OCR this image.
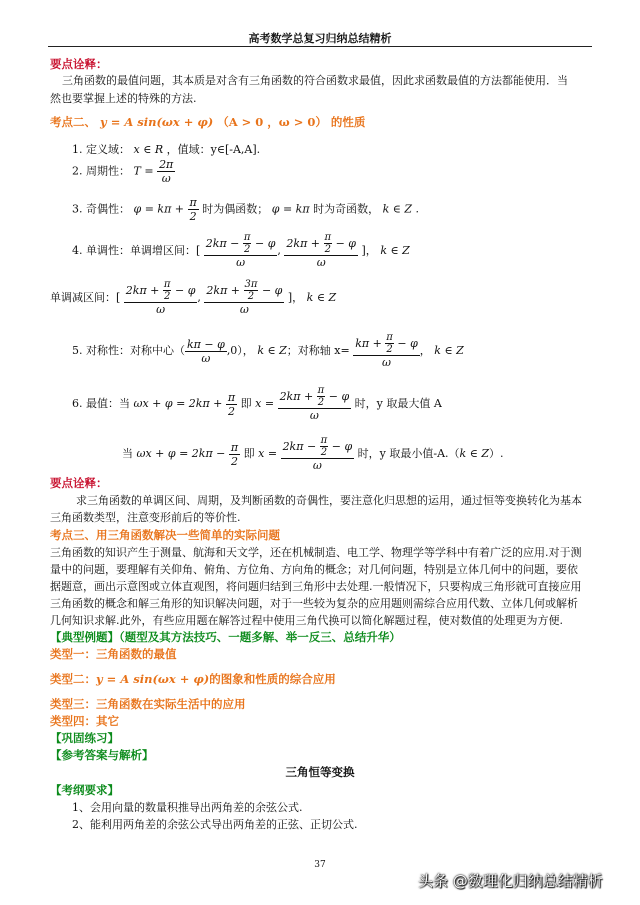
高考数学总复习归纳总结精析
要点诠释：
三角函数的最值问题，其本质是对含有三角函数的符合函数求最值，因此求函数最值的方法都能使用．当
然也要掌握上述的特殊的方法.
考点二、 y = A sin(ωx + φ) （A > 0 ，ω > 0） 的性质
1. 定义域： x ∈ R ，值域：y∈[-A,A].
2. 周期性： $T = \frac{2\pi}{\omega}$
3. 奇偶性： $\varphi = k\pi + \frac{\pi}{2}$ 时为偶函数； φ = kπ 时为奇函数， k ∈ Z .
4. 单调性：单调增区间：[ $\frac{2k\pi - \frac{\pi}{2} - \varphi}{\omega}$ , $\frac{2k\pi + \frac{\pi}{2} - \varphi}{\omega}$ ]， k ∈ Z
单调减区间：[ $\frac{2k\pi + \frac{\pi}{2} - \varphi}{\omega}$ , $\frac{2k\pi + \frac{3\pi}{2} - \varphi}{\omega}$ ]， k ∈ Z
5. 对称性：对称中心（ $\frac{k\pi - \varphi}{\omega} ,0$）， k ∈ Z；对称轴 $x= \frac{k\pi + \frac{\pi}{2} - \varphi}{\omega}$ ， k ∈ Z
6. 最值：当 $\omega x + \varphi = 2k\pi + \frac{\pi}{2}$ 即 $x = \frac{2k\pi + \frac{\pi}{2} - \varphi}{\omega}$ 时，y 取最大值 A
当 $\omega x + \varphi = 2k\pi - \frac{\pi}{2}$ 即 $x = \frac{2k\pi - \frac{\pi}{2} - \varphi}{\omega}$ 时，y 取最小值-A.（k ∈ Z）.
要点诠释：
求三角函数的单调区间、周期，及判断函数的奇偶性，要注意化归思想的运用，通过恒等变换转化为基本
三角函数类型，注意变形前后的等价性.
考点三、用三角函数解决一些简单的实际问题
三角函数的知识产生于测量、航海和天文学，还在机械制造、电工学、物理学等学科中有着广泛的应用.对于测
量中的问题，要理解有关仰角、俯角、方位角、方向角的概念；对几何问题，特别是立体几何中的问题，要依
据题意，画出示意图或立体直观图，将问题归结到三角形中去处理.一般情况下，只要构成三角形就可直接应用
三角函数的概念和解三角形的知识解决问题，对于一些较为复杂的应用题则需综合应用代数、立体几何或解析
几何知识求解.此外，有些应用题在解答过程中使用三角代换可以简化解题过程，使对数值的处理更为方便.
【典型例题】（题型及其方法技巧、一题多解、举一反三、总结升华）
类型一：三角函数的最值
类型二：y = A sin(ωx + φ)的图象和性质的综合应用
类型三：三角函数在实际生活中的应用
类型四：其它
【巩固练习】
【参考答案与解析】
三角恒等变换
【考纲要求】
1、会用向量的数量积推导出两角差的余弦公式.
2、能利用两角差的余弦公式导出两角差的正弦、正切公式.
37
头条 @数理化归纳总结精析
